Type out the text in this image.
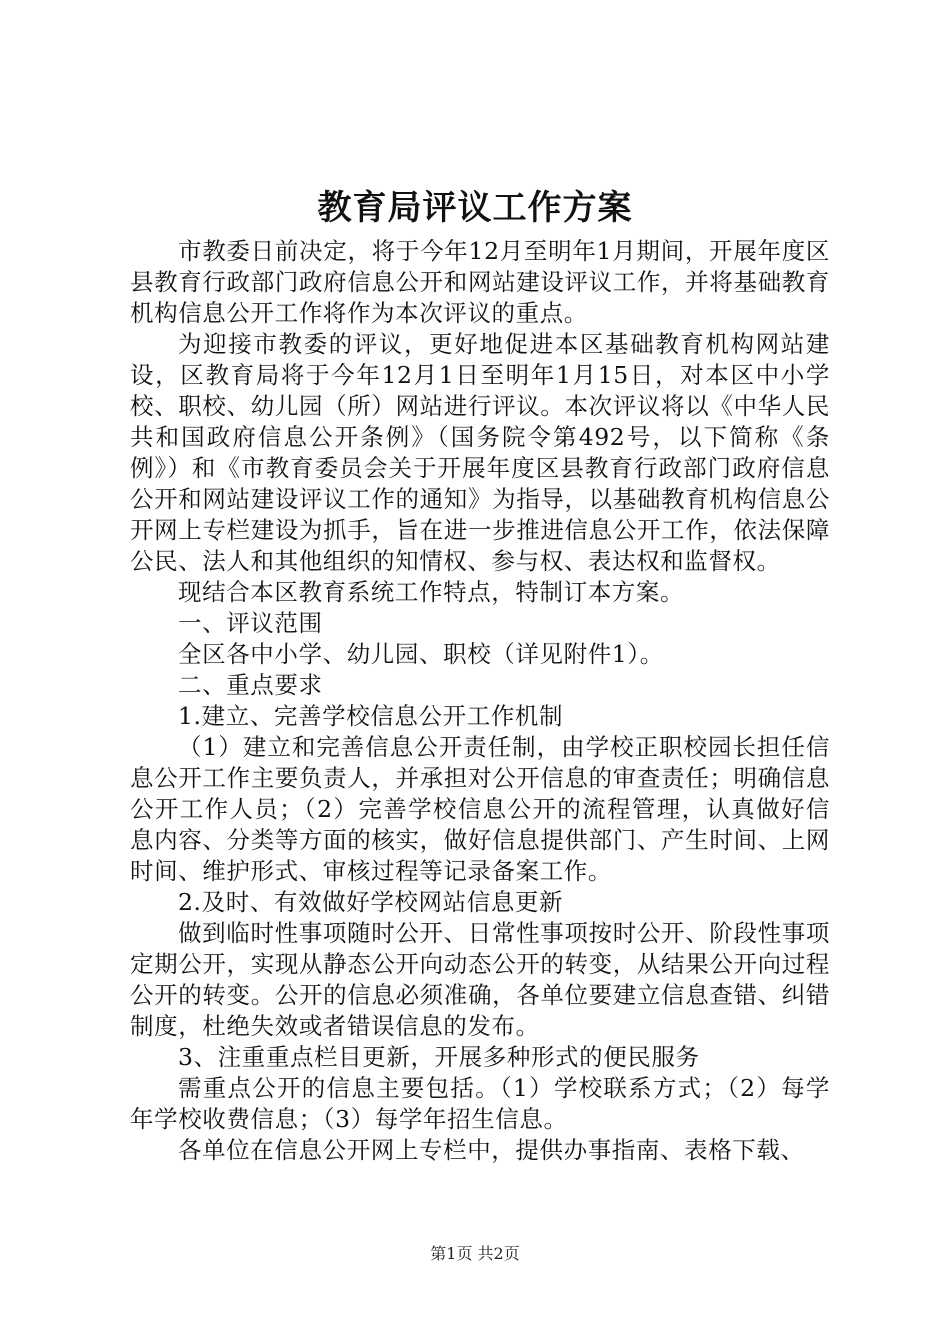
教育局评议工作方案

市教委日前决定，将于今年12月至明年1月期间，开展年度区县教育行政部门政府信息公开和网站建设评议工作，并将基础教育机构信息公开工作将作为本次评议的重点。

为迎接市教委的评议，更好地促进本区基础教育机构网站建设，区教育局将于今年12月1日至明年1月15日，对本区中小学校、职校、幼儿园（所）网站进行评议。本次评议将以《中华人民共和国政府信息公开条例》（国务院令第492号，以下简称《条例》）和《市教育委员会关于开展年度区县教育行政部门政府信息公开和网站建设评议工作的通知》为指导，以基础教育机构信息公开网上专栏建设为抓手，旨在进一步推进信息公开工作，依法保障公民、法人和其他组织的知情权、参与权、表达权和监督权。

现结合本区教育系统工作特点，特制订本方案。

一、评议范围

全区各中小学、幼儿园、职校（详见附件1）。

二、重点要求

1.建立、完善学校信息公开工作机制

（1）建立和完善信息公开责任制，由学校正职校园长担任信息公开工作主要负责人，并承担对公开信息的审查责任；明确信息公开工作人员；（2）完善学校信息公开的流程管理，认真做好信息内容、分类等方面的核实，做好信息提供部门、产生时间、上网时间、维护形式、审核过程等记录备案工作。

2.及时、有效做好学校网站信息更新

做到临时性事项随时公开、日常性事项按时公开、阶段性事项定期公开，实现从静态公开向动态公开的转变，从结果公开向过程公开的转变。公开的信息必须准确，各单位要建立信息查错、纠错制度，杜绝失效或者错误信息的发布。

3、注重重点栏目更新，开展多种形式的便民服务

需重点公开的信息主要包括。（1）学校联系方式；（2）每学年学校收费信息；（3）每学年招生信息。

各单位在信息公开网上专栏中，提供办事指南、表格下载、

第1页 共2页
